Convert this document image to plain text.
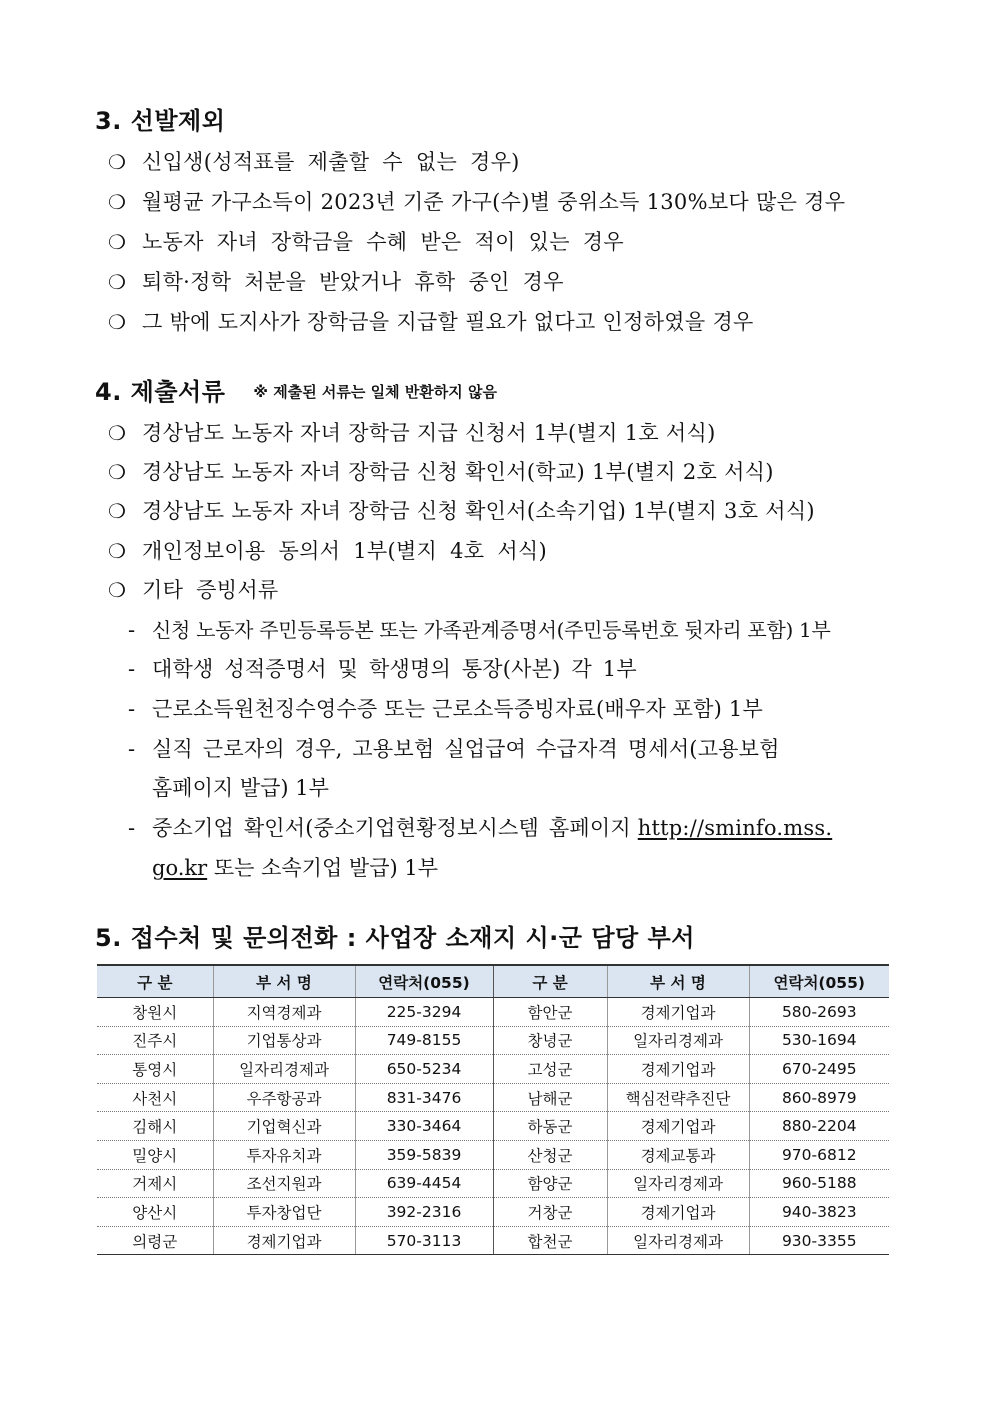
3. 선발제외
❍ 신입생(성적표를 제출할 수 없는 경우)
❍ 월평균 가구소득이 2023년 기준 가구(수)별 중위소득 130%보다 많은 경우
❍ 노동자 자녀 장학금을 수혜 받은 적이 있는 경우
❍ 퇴학·정학 처분을 받았거나 휴학 중인 경우
❍ 그 밖에 도지사가 장학금을 지급할 필요가 없다고 인정하였을 경우
4. 제출서류 ※ 제출된 서류는 일체 반환하지 않음
❍ 경상남도 노동자 자녀 장학금 지급 신청서 1부(별지 1호 서식)
❍ 경상남도 노동자 자녀 장학금 신청 확인서(학교) 1부(별지 2호 서식)
❍ 경상남도 노동자 자녀 장학금 신청 확인서(소속기업) 1부(별지 3호 서식)
❍ 개인정보이용 동의서 1부(별지 4호 서식)
❍ 기타 증빙서류
- 신청 노동자 주민등록등본 또는 가족관계증명서(주민등록번호 뒷자리 포함) 1부
- 대학생 성적증명서 및 학생명의 통장(사본) 각 1부
- 근로소득원천징수영수증 또는 근로소득증빙자료(배우자 포함) 1부
- 실직 근로자의 경우, 고용보험 실업급여 수급자격 명세서(고용보험
홈페이지 발급) 1부
- 중소기업 확인서(중소기업현황정보시스템 홈페이지 http://sminfo.mss.
go.kr 또는 소속기업 발급) 1부
5. 접수처 및 문의전화 : 사업장 소재지 시·군 담당 부서
구 분	부 서 명	연락처(055)	구 분	부 서 명	연락처(055)
창원시	지역경제과	225-3294	함안군	경제기업과	580-2693
진주시	기업통상과	749-8155	창녕군	일자리경제과	530-1694
통영시	일자리경제과	650-5234	고성군	경제기업과	670-2495
사천시	우주항공과	831-3476	남해군	핵심전략추진단	860-8979
김해시	기업혁신과	330-3464	하동군	경제기업과	880-2204
밀양시	투자유치과	359-5839	산청군	경제교통과	970-6812
거제시	조선지원과	639-4454	함양군	일자리경제과	960-5188
양산시	투자창업단	392-2316	거창군	경제기업과	940-3823
의령군	경제기업과	570-3113	합천군	일자리경제과	930-3355
